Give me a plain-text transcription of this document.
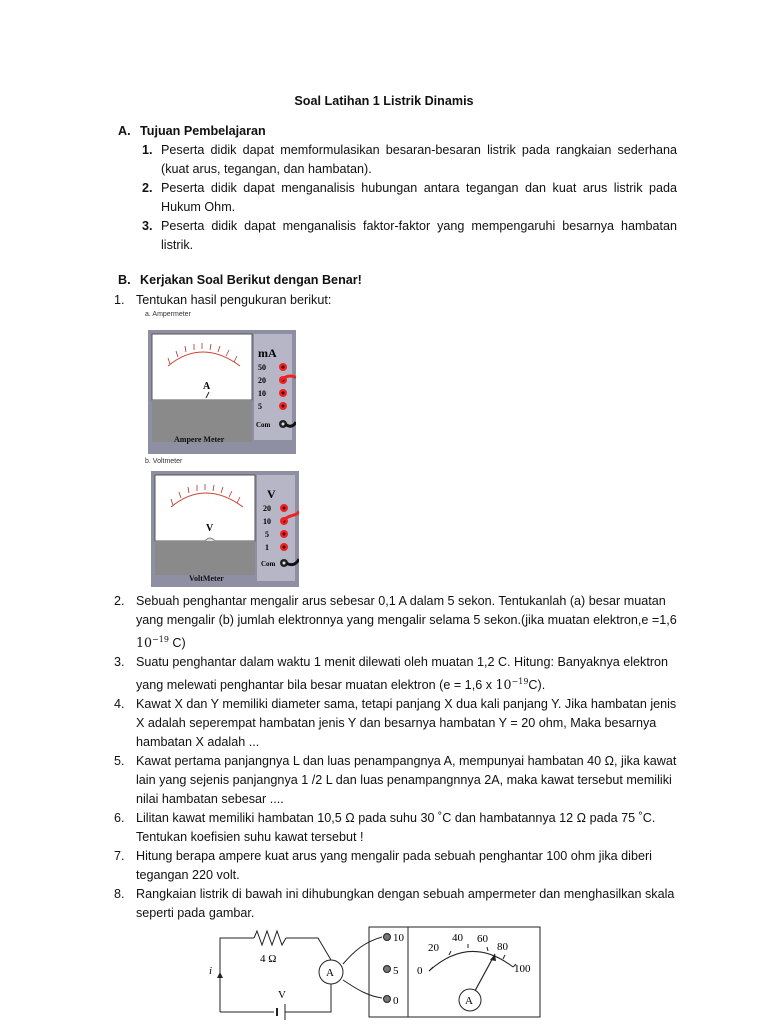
Soal Latihan 1 Listrik Dinamis
A. Tujuan Pembelajaran
1. Peserta didik dapat memformulasikan besaran-besaran listrik pada rangkaian sederhana (kuat arus, tegangan, dan hambatan).
2. Peserta didik dapat menganalisis hubungan antara tegangan dan kuat arus listrik pada Hukum Ohm.
3. Peserta didik dapat menganalisis faktor-faktor yang mempengaruhi besarnya hambatan listrik.
B. Kerjakan Soal Berikut dengan Benar!
1. Tentukan hasil pengukuran berikut:
a. Ampermeter
A
Ampere Meter
mA
50
20
10
5
Com
b. Voltmeter
V
VoltMeter
V
20
10
5
1
Com
2. Sebuah penghantar mengalir arus sebesar 0,1 A dalam 5 sekon. Tentukanlah (a) besar muatan yang mengalir (b) jumlah elektronnya yang mengalir selama 5 sekon.(jika muatan elektron,e =1,6
$10^{-19}$ C)
3. Suatu penghantar dalam waktu 1 menit dilewati oleh muatan 1,2 C. Hitung: Banyaknya elektron yang melewati penghantar bila besar muatan elektron (e = 1,6 x $10^{-19}C$).
4. Kawat X dan Y memiliki diameter sama, tetapi panjang X dua kali panjang Y. Jika hambatan jenis X adalah seperempat hambatan jenis Y dan besarnya hambatan Y = 20 ohm, Maka besarnya hambatan X adalah ...
5. Kawat pertama panjangnya L dan luas penampangnya A, mempunyai hambatan 40 Ω, jika kawat lain yang sejenis panjangnya 1 /2 L dan luas penampangnnya 2A, maka kawat tersebut memiliki nilai hambatan sebesar ....
6. Lilitan kawat memiliki hambatan 10,5 Ω pada suhu 30 ˚C dan hambatannya 12 Ω pada 75 ˚C. Tentukan koefisien suhu kawat tersebut !
7. Hitung berapa ampere kuat arus yang mengalir pada sebuah penghantar 100 ohm jika diberi tegangan 220 volt.
8. Rangkaian listrik di bawah ini dihubungkan dengan sebuah ampermeter dan menghasilkan skala seperti pada gambar.
i
4 Ω
V
A
10
5
0
0
20
40 60
80
100
A
